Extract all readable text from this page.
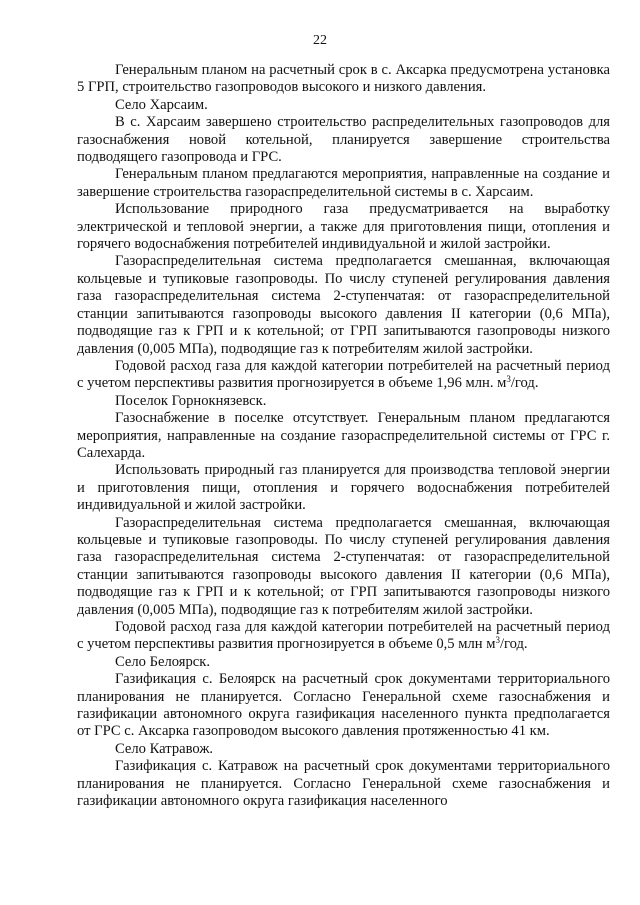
22

Генеральным планом на расчетный срок в с. Аксарка предусмотрена установка 5 ГРП, строительство газопроводов высокого и низкого давления.

Село Харсаим.

В с. Харсаим завершено строительство распределительных газопроводов для газоснабжения новой котельной, планируется завершение строительства подводящего газопровода и ГРС.

Генеральным планом предлагаются мероприятия, направленные на создание и завершение строительства газораспределительной системы в с. Харсаим.

Использование природного газа предусматривается на выработку электрической и тепловой энергии, а также для приготовления пищи, отопления и горячего водоснабжения потребителей индивидуальной и жилой застройки.

Газораспределительная система предполагается смешанная, включающая кольцевые и тупиковые газопроводы. По числу ступеней регулирования давления газа газораспределительная система 2-ступенчатая: от газораспределительной станции запитываются газопроводы высокого давления II категории (0,6 МПа), подводящие газ к ГРП и к котельной; от ГРП запитываются газопроводы низкого давления (0,005 МПа), подводящие газ к потребителям жилой застройки.

Годовой расход газа для каждой категории потребителей на расчетный период с учетом перспективы развития прогнозируется в объеме 1,96 млн. $м^3$/год.

Поселок Горнокнязевск.

Газоснабжение в поселке отсутствует. Генеральным планом предлагаются мероприятия, направленные на создание газораспределительной системы от ГРС г. Салехарда.

Использовать природный газ планируется для производства тепловой энергии и приготовления пищи, отопления и горячего водоснабжения потребителей индивидуальной и жилой застройки.

Газораспределительная система предполагается смешанная, включающая кольцевые и тупиковые газопроводы. По числу ступеней регулирования давления газа газораспределительная система 2-ступенчатая: от газораспределительной станции запитываются газопроводы высокого давления II категории (0,6 МПа), подводящие газ к ГРП и к котельной; от ГРП запитываются газопроводы низкого давления (0,005 МПа), подводящие газ к потребителям жилой застройки.

Годовой расход газа для каждой категории потребителей на расчетный период с учетом перспективы развития прогнозируется в объеме 0,5 млн $м^3$/год.

Село Белоярск.

Газификация с. Белоярск на расчетный срок документами территориального планирования не планируется. Согласно Генеральной схеме газоснабжения и газификации автономного округа газификация населенного пункта предполагается от ГРС с. Аксарка газопроводом высокого давления протяженностью 41 км.

Село Катравож.

Газификация с. Катравож на расчетный срок документами территориального планирования не планируется. Согласно Генеральной схеме газоснабжения и газификации автономного округа газификация населенного
